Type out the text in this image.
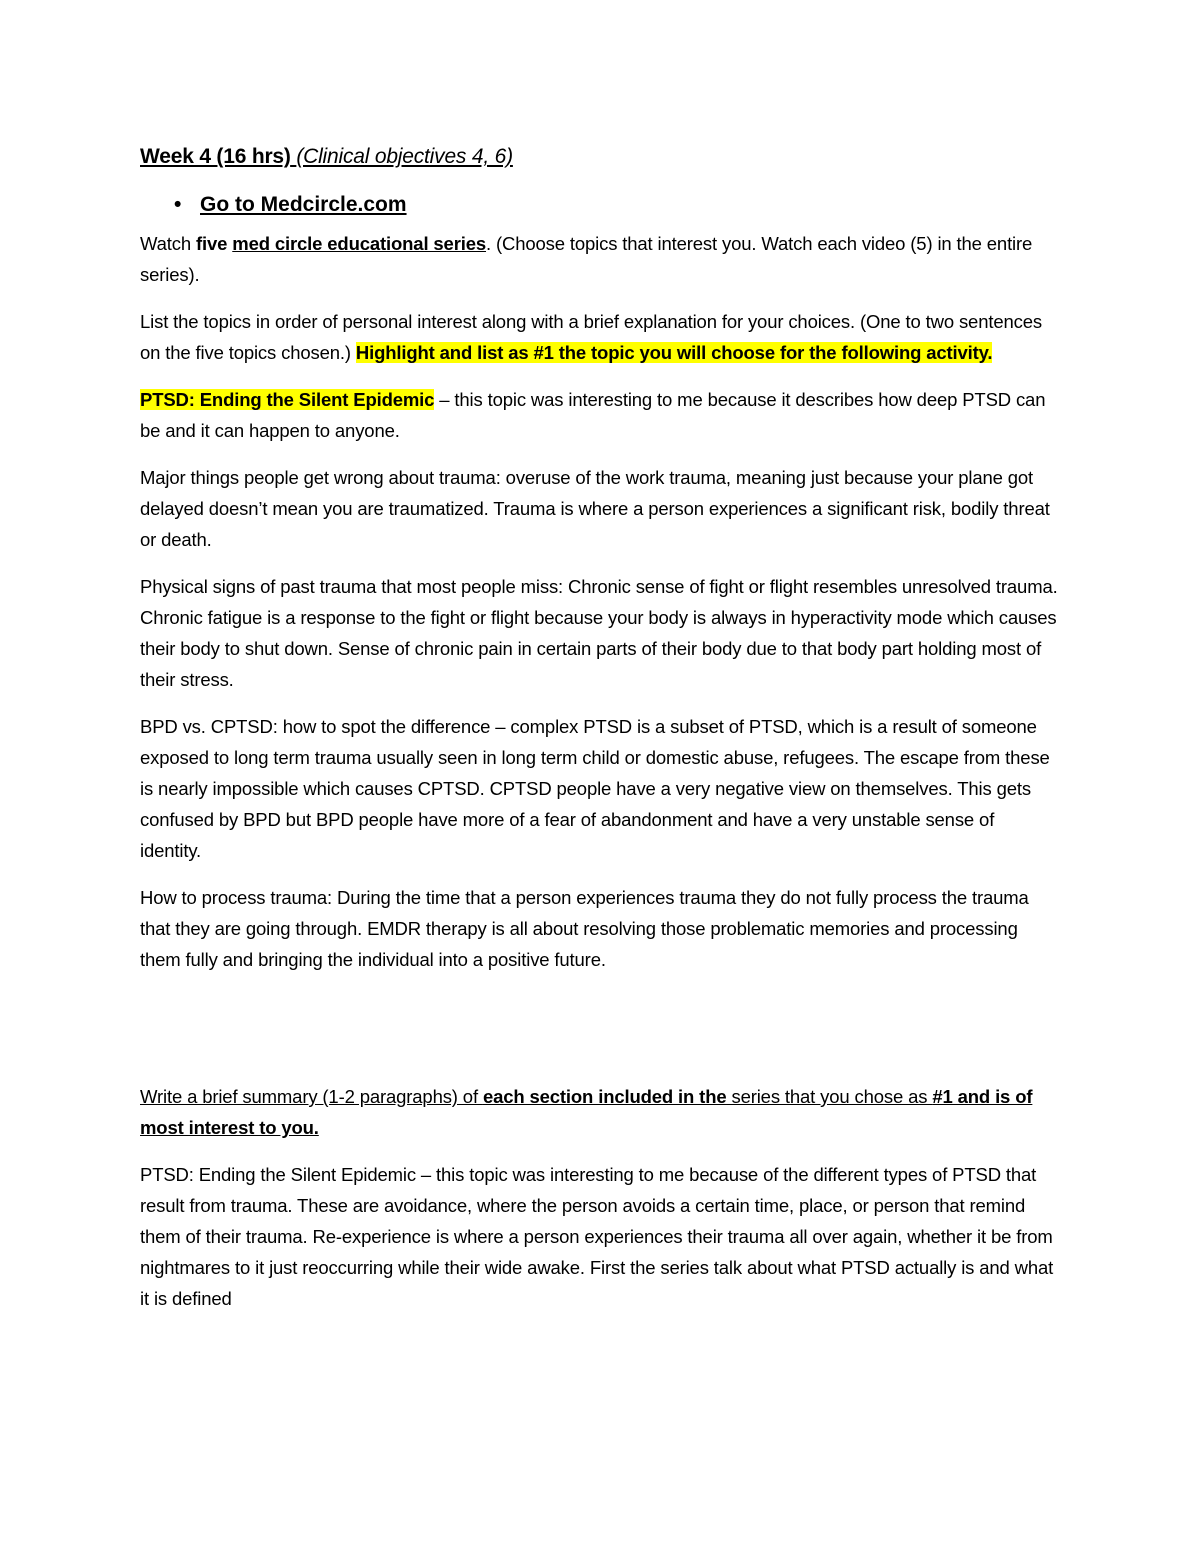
Week 4 (16 hrs) (Clinical objectives 4, 6)
• Go to Medcircle.com

Watch five med circle educational series. (Choose topics that interest you. Watch each video (5) in the entire series).

List the topics in order of personal interest along with a brief explanation for your choices. (One to two sentences on the five topics chosen.) Highlight and list as #1 the topic you will choose for the following activity.

PTSD: Ending the Silent Epidemic – this topic was interesting to me because it describes how deep PTSD can be and it can happen to anyone.

Major things people get wrong about trauma: overuse of the work trauma, meaning just because your plane got delayed doesn’t mean you are traumatized. Trauma is where a person experiences a significant risk, bodily threat or death.

Physical signs of past trauma that most people miss: Chronic sense of fight or flight resembles unresolved trauma. Chronic fatigue is a response to the fight or flight because your body is always in hyperactivity mode which causes their body to shut down. Sense of chronic pain in certain parts of their body due to that body part holding most of their stress.

BPD vs. CPTSD: how to spot the difference – complex PTSD is a subset of PTSD, which is a result of someone exposed to long term trauma usually seen in long term child or domestic abuse, refugees. The escape from these is nearly impossible which causes CPTSD. CPTSD people have a very negative view on themselves. This gets confused by BPD but BPD people have more of a fear of abandonment and have a very unstable sense of identity.

How to process trauma: During the time that a person experiences trauma they do not fully process the trauma that they are going through. EMDR therapy is all about resolving those problematic memories and processing them fully and bringing the individual into a positive future.

Write a brief summary (1-2 paragraphs) of each section included in the series that you chose as #1 and is of most interest to you.

PTSD: Ending the Silent Epidemic – this topic was interesting to me because of the different types of PTSD that result from trauma. These are avoidance, where the person avoids a certain time, place, or person that remind them of their trauma. Re-experience is where a person experiences their trauma all over again, whether it be from nightmares to it just reoccurring while their wide awake. First the series talk about what PTSD actually is and what it is defined
